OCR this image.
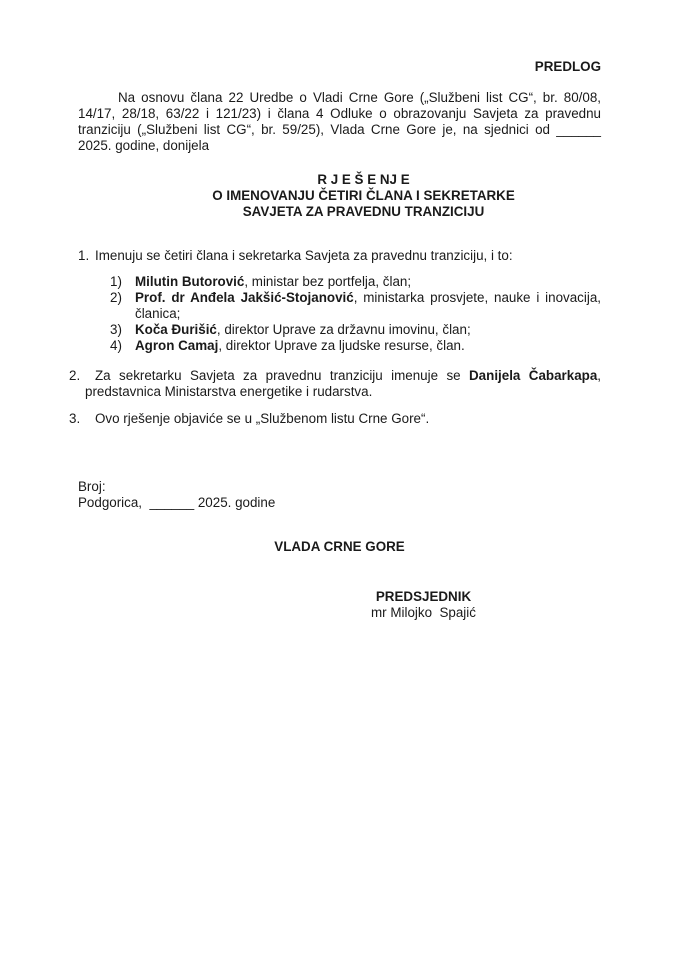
PREDLOG
Na osnovu člana 22 Uredbe o Vladi Crne Gore („Službeni list CG“, br. 80/08,
14/17, 28/18, 63/22 i 121/23) i člana 4 Odluke o obrazovanju Savjeta za pravednu
tranziciju („Službeni list CG“, br. 59/25), Vlada Crne Gore je, na sjednici od ______
2025. godine, donijela
R J E Š E NJ E
O IMENOVANJU ČETIRI ČLANA I SEKRETARKE
SAVJETA ZA PRAVEDNU TRANZICIJU
1. Imenuju se četiri člana i sekretarka Savjeta za pravednu tranziciju, i to:
1) Milutin Butorović, ministar bez portfelja, član;
2) Prof. dr Anđela Jakšić-Stojanović, ministarka prosvjete, nauke i inovacija,
članica;
3) Koča Đurišić, direktor Uprave za državnu imovinu, član;
4) Agron Camaj, direktor Uprave za ljudske resurse, član.
2. Za sekretarku Savjeta za pravednu tranziciju imenuje se Danijela Čabarkapa,
predstavnica Ministarstva energetike i rudarstva.
3. Ovo rješenje objaviće se u „Službenom listu Crne Gore“.
Broj:
Podgorica,  ______ 2025. godine
VLADA CRNE GORE
PREDSJEDNIK
mr Milojko  Spajić
